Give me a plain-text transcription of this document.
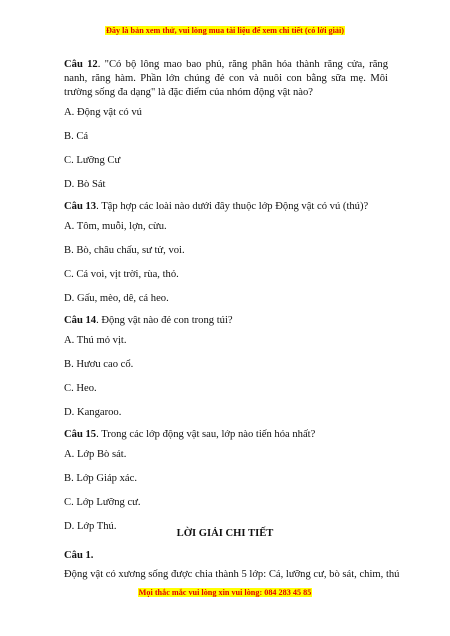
Đây là bản xem thử, vui lòng mua tài liệu để xem chi tiết (có lời giải)
Câu 12. "Có bộ lông mao bao phủ, răng phân hóa thành răng cửa, răng nanh, răng hàm. Phần lớn chúng đẻ con và nuôi con bằng sữa mẹ. Môi trường sống đa dạng" là đặc điểm của nhóm động vật nào?
A. Động vật có vú
B. Cá
C. Lưỡng Cư
D. Bò Sát
Câu 13. Tập hợp các loài nào dưới đây thuộc lớp Động vật có vú (thú)?
A. Tôm, muỗi, lợn, cừu.
B. Bò, châu chấu, sư tử, voi.
C. Cá voi, vịt trời, rùa, thỏ.
D. Gấu, mèo, dê, cá heo.
Câu 14. Động vật nào đẻ con trong túi?
A. Thú mỏ vịt.
B. Hươu cao cổ.
C. Heo.
D. Kangaroo.
Câu 15. Trong các lớp động vật sau, lớp nào tiến hóa nhất?
A. Lớp Bò sát.
B. Lớp Giáp xác.
C. Lớp Lưỡng cư.
D. Lớp Thú.
LỜI GIẢI CHI TIẾT
Câu 1.
Động vật có xương sống được chia thành 5 lớp: Cá, lưỡng cư, bò sát, chim, thú
Mọi thắc mắc vui lòng xin vui lòng: 084 283 45 85
